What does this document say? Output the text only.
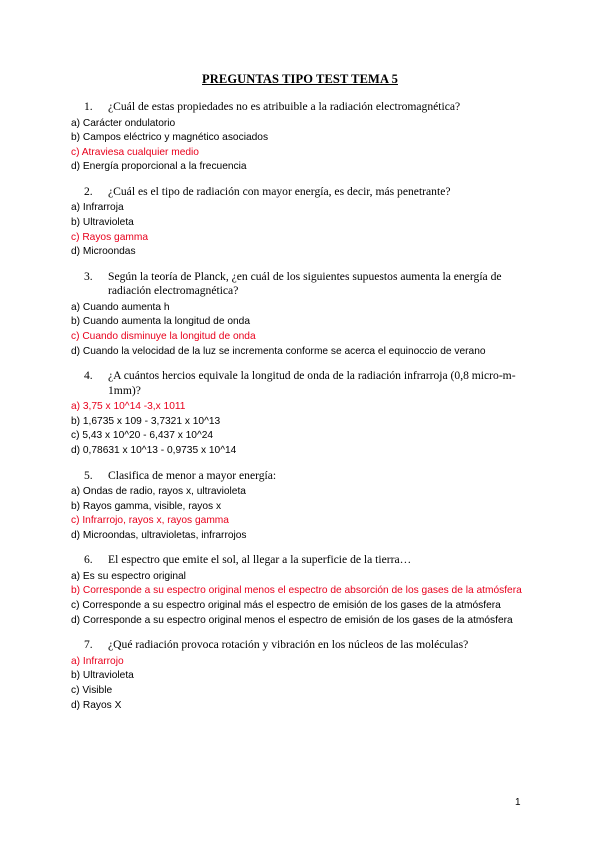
PREGUNTAS TIPO TEST TEMA 5
1.	¿Cuál de estas propiedades no es atribuible a la radiación electromagnética?
a) Carácter ondulatorio
b) Campos eléctrico y magnético asociados
c) Atraviesa cualquier medio
d) Energía proporcional a la frecuencia
2.	¿Cuál es el tipo de radiación con mayor energía, es decir, más penetrante?
a) Infrarroja
b) Ultravioleta
c) Rayos gamma
d) Microondas
3.	Según la teoría de Planck, ¿en cuál de los siguientes supuestos aumenta la energía de radiación electromagnética?
a) Cuando aumenta h
b) Cuando aumenta la longitud de onda
c) Cuando disminuye la longitud de onda
d) Cuando la velocidad de la luz se incrementa conforme se acerca el equinoccio de verano
4.	¿A cuántos hercios equivale la longitud de onda de la radiación infrarroja (0,8 micro-m-1mm)?
a) 3,75 x 10^14 -3,x 1011
b) 1,6735 x 109 - 3,7321 x 10^13
c) 5,43 x 10^20 - 6,437 x 10^24
d) 0,78631 x 10^13 - 0,9735 x 10^14
5.	Clasifica de menor a mayor energía:
a) Ondas de radio, rayos x, ultravioleta
b) Rayos gamma, visible, rayos x
c) Infrarrojo, rayos x, rayos gamma
d) Microondas, ultravioletas, infrarrojos
6.	El espectro que emite el sol, al llegar a la superficie de la tierra…
a) Es su espectro original
b) Corresponde a su espectro original menos el espectro de absorción de los gases de la atmósfera
c) Corresponde a su espectro original más el espectro de emisión de los gases de la atmósfera
d) Corresponde a su espectro original menos el espectro de emisión de los gases de la atmósfera
7.	¿Qué radiación provoca rotación y vibración en los núcleos de las moléculas?
a) Infrarrojo
b) Ultravioleta
c) Visible
d) Rayos X
1
